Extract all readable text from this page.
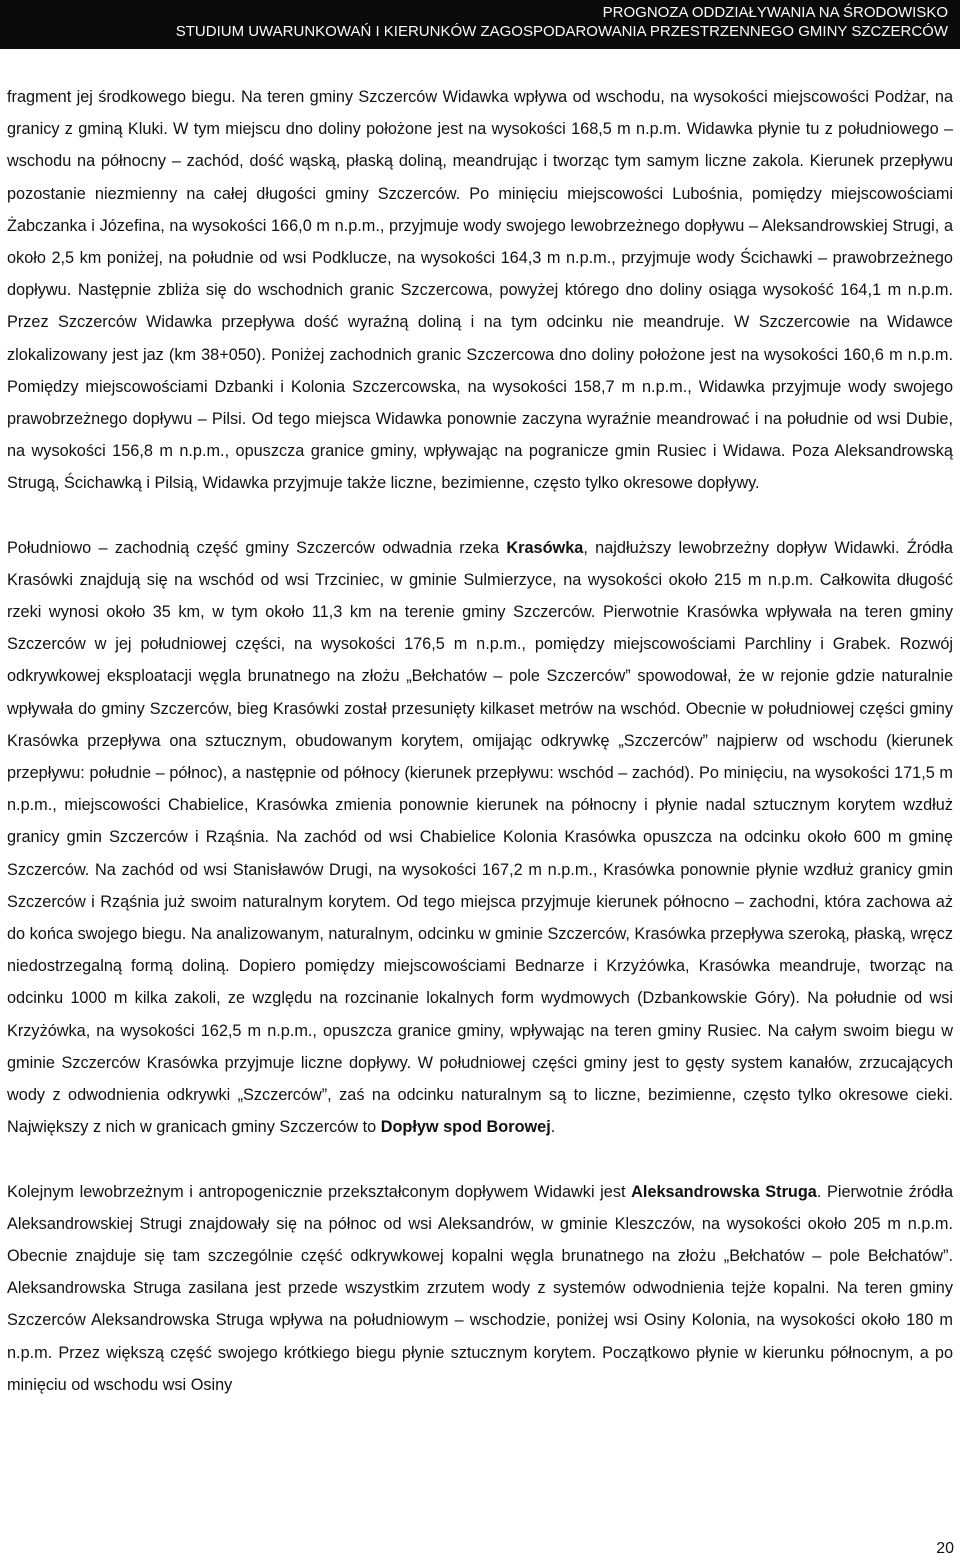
PROGNOZA ODDZIAŁYWANIA NA ŚRODOWISKO
STUDIUM UWARUNKOWAŃ I KIERUNKÓW ZAGOSPODAROWANIA PRZESTRZENNEGO GMINY SZCZERCÓW

fragment jej środkowego biegu. Na teren gminy Szczerców Widawka wpływa od wschodu, na wysokości miejscowości Podżar, na granicy z gminą Kluki. W tym miejscu dno doliny położone jest na wysokości 168,5 m n.p.m. Widawka płynie tu z południowego – wschodu na północny – zachód, dość wąską, płaską doliną, meandrując i tworząc tym samym liczne zakola. Kierunek przepływu pozostanie niezmienny na całej długości gminy Szczerców. Po minięciu miejscowości Lubośnia, pomiędzy miejscowościami Żabczanka i Józefina, na wysokości 166,0 m n.p.m., przyjmuje wody swojego lewobrzeżnego dopływu – Aleksandrowskiej Strugi, a około 2,5 km poniżej, na południe od wsi Podklucze, na wysokości 164,3 m n.p.m., przyjmuje wody Ścichawki – prawobrzeżnego dopływu. Następnie zbliża się do wschodnich granic Szczercowa, powyżej którego dno doliny osiąga wysokość 164,1 m n.p.m. Przez Szczerców Widawka przepływa dość wyraźną doliną i na tym odcinku nie meandruje. W Szczercowie na Widawce zlokalizowany jest jaz (km 38+050). Poniżej zachodnich granic Szczercowa dno doliny położone jest na wysokości 160,6 m n.p.m. Pomiędzy miejscowościami Dzbanki i Kolonia Szczercowska, na wysokości 158,7 m n.p.m., Widawka przyjmuje wody swojego prawobrzeżnego dopływu – Pilsi. Od tego miejsca Widawka ponownie zaczyna wyraźnie meandrować i na południe od wsi Dubie, na wysokości 156,8 m n.p.m., opuszcza granice gminy, wpływając na pogranicze gmin Rusiec i Widawa. Poza Aleksandrowską Strugą, Ścichawką i Pilsią, Widawka przyjmuje także liczne, bezimienne, często tylko okresowe dopływy.

Południowo – zachodnią część gminy Szczerców odwadnia rzeka Krasówka, najdłuższy lewobrzeżny dopływ Widawki. Źródła Krasówki znajdują się na wschód od wsi Trzciniec, w gminie Sulmierzyce, na wysokości około 215 m n.p.m. Całkowita długość rzeki wynosi około 35 km, w tym około 11,3 km na terenie gminy Szczerców. Pierwotnie Krasówka wpływała na teren gminy Szczerców w jej południowej części, na wysokości 176,5 m n.p.m., pomiędzy miejscowościami Parchliny i Grabek. Rozwój odkrywkowej eksploatacji węgla brunatnego na złożu „Bełchatów – pole Szczerców” spowodował, że w rejonie gdzie naturalnie wpływała do gminy Szczerców, bieg Krasówki został przesunięty kilkaset metrów na wschód. Obecnie w południowej części gminy Krasówka przepływa ona sztucznym, obudowanym korytem, omijając odkrywkę „Szczerców” najpierw od wschodu (kierunek przepływu: południe – północ), a następnie od północy (kierunek przepływu: wschód – zachód). Po minięciu, na wysokości 171,5 m n.p.m., miejscowości Chabielice, Krasówka zmienia ponownie kierunek na północny i płynie nadal sztucznym korytem wzdłuż granicy gmin Szczerców i Rząśnia. Na zachód od wsi Chabielice Kolonia Krasówka opuszcza na odcinku około 600 m gminę Szczerców. Na zachód od wsi Stanisławów Drugi, na wysokości 167,2 m n.p.m., Krasówka ponownie płynie wzdłuż granicy gmin Szczerców i Rząśnia już swoim naturalnym korytem. Od tego miejsca przyjmuje kierunek północno – zachodni, która zachowa aż do końca swojego biegu. Na analizowanym, naturalnym, odcinku w gminie Szczerców, Krasówka przepływa szeroką, płaską, wręcz niedostrzegalną formą doliną. Dopiero pomiędzy miejscowościami Bednarze i Krzyżówka, Krasówka meandruje, tworząc na odcinku 1000 m kilka zakoli, ze względu na rozcinanie lokalnych form wydmowych (Dzbankowskie Góry). Na południe od wsi Krzyżówka, na wysokości 162,5 m n.p.m., opuszcza granice gminy, wpływając na teren gminy Rusiec. Na całym swoim biegu w gminie Szczerców Krasówka przyjmuje liczne dopływy. W południowej części gminy jest to gęsty system kanałów, zrzucających wody z odwodnienia odkrywki „Szczerców”, zaś na odcinku naturalnym są to liczne, bezimienne, często tylko okresowe cieki. Największy z nich w granicach gminy Szczerców to Dopływ spod Borowej.

Kolejnym lewobrzeżnym i antropogenicznie przekształconym dopływem Widawki jest Aleksandrowska Struga. Pierwotnie źródła Aleksandrowskiej Strugi znajdowały się na północ od wsi Aleksandrów, w gminie Kleszczów, na wysokości około 205 m n.p.m. Obecnie znajduje się tam szczególnie część odkrywkowej kopalni węgla brunatnego na złożu „Bełchatów – pole Bełchatów”. Aleksandrowska Struga zasilana jest przede wszystkim zrzutem wody z systemów odwodnienia tejże kopalni. Na teren gminy Szczerców Aleksandrowska Struga wpływa na południowym – wschodzie, poniżej wsi Osiny Kolonia, na wysokości około 180 m n.p.m. Przez większą część swojego krótkiego biegu płynie sztucznym korytem. Początkowo płynie w kierunku północnym, a po minięciu od wschodu wsi Osiny

20
